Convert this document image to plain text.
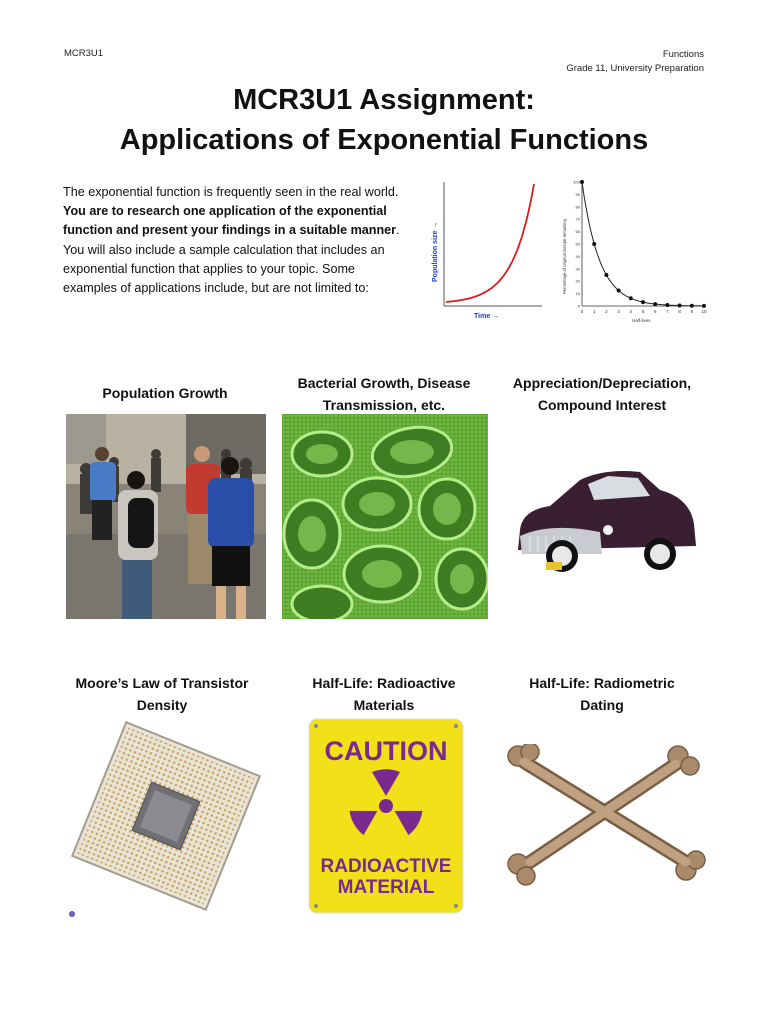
MCR3U1	Functions
Grade 11, University Preparation
MCR3U1 Assignment:
Applications of Exponential Functions
The exponential function is frequently seen in the real world. You are to research one application of the exponential function and present your findings in a suitable manner. You will also include a sample calculation that includes an exponential function that applies to your topic. Some examples of applications include, but are not limited to:
Population size →
Time →
100
90
80
70
60
50
40
30
20
10
0
0 1 2 3 4 5 6 7 8 9 10
Percentage of original isotope remaining
Half-lives
Population Growth
Bacterial Growth, Disease Transmission, etc.
Appreciation/Depreciation, Compound Interest
Moore’s Law of Transistor Density
Half-Life: Radioactive Materials
Half-Life: Radiometric Dating
CAUTION
RADIOACTIVE
MATERIAL
